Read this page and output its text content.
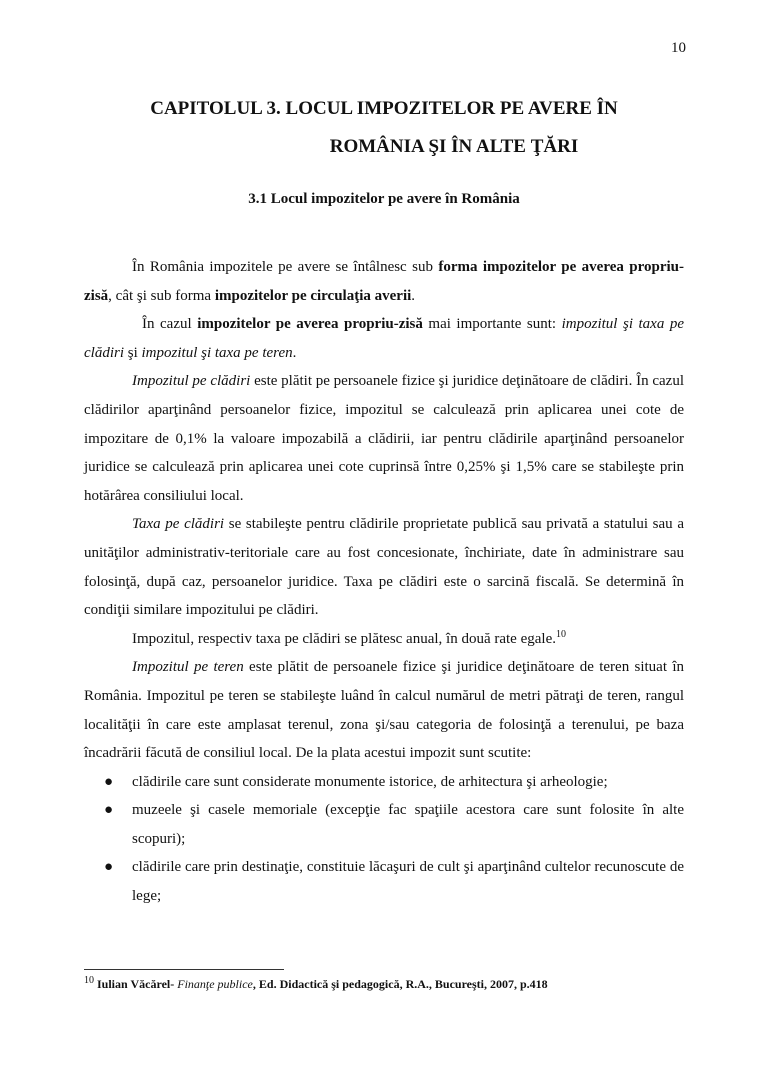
10
CAPITOLUL 3. LOCUL IMPOZITELOR PE AVERE ÎN
ROMÂNIA ŞI ÎN ALTE ŢĂRI
3.1 Locul impozitelor pe avere în România

În România impozitele pe avere se întâlnesc sub forma impozitelor pe averea propriu-zisă, cât şi sub forma impozitelor pe circulaţia averii.

În cazul impozitelor pe averea propriu-zisă mai importante sunt: impozitul şi taxa pe clădiri şi impozitul şi taxa pe teren.

Impozitul pe clădiri este plătit pe persoanele fizice şi juridice deţinătoare de clădiri. În cazul clădirilor aparţinând persoanelor fizice, impozitul se calculează prin aplicarea unei cote de impozitare de 0,1% la valoare impozabilă a clădirii, iar pentru clădirile aparţinând persoanelor juridice se calculează prin aplicarea unei cote cuprinsă între 0,25% şi 1,5% care se stabileşte prin hotărârea consiliului local.

Taxa pe clădiri se stabileşte pentru clădirile proprietate publică sau privată a statului sau a unităţilor administrativ-teritoriale care au fost concesionate, închiriate, date în administrare sau folosinţă, după caz, persoanelor juridice. Taxa pe clădiri este o sarcină fiscală. Se determină în condiţii similare impozitului pe clădiri.

Impozitul, respectiv taxa pe clădiri se plătesc anual, în două rate egale.$^{10}$

Impozitul pe teren este plătit de persoanele fizice şi juridice deţinătoare de teren situat în România. Impozitul pe teren se stabileşte luând în calcul numărul de metri pătraţi de teren, rangul localităţii în care este amplasat terenul, zona şi/sau categoria de folosinţă a terenului, pe baza încadrării făcută de consiliul local. De la plata acestui impozit sunt scutite:

● clădirile care sunt considerate monumente istorice, de arhitectura şi arheologie;
● muzeele şi casele memoriale (excepţie fac spaţiile acestora care sunt folosite în alte scopuri);
● clădirile care prin destinaţie, constituie lăcaşuri de cult şi aparţinând cultelor recunoscute de lege;
$^{10}$ Iulian Văcărel- Finanţe publice, Ed. Didactică şi pedagogică, R.A., Bucureşti, 2007, p.418
